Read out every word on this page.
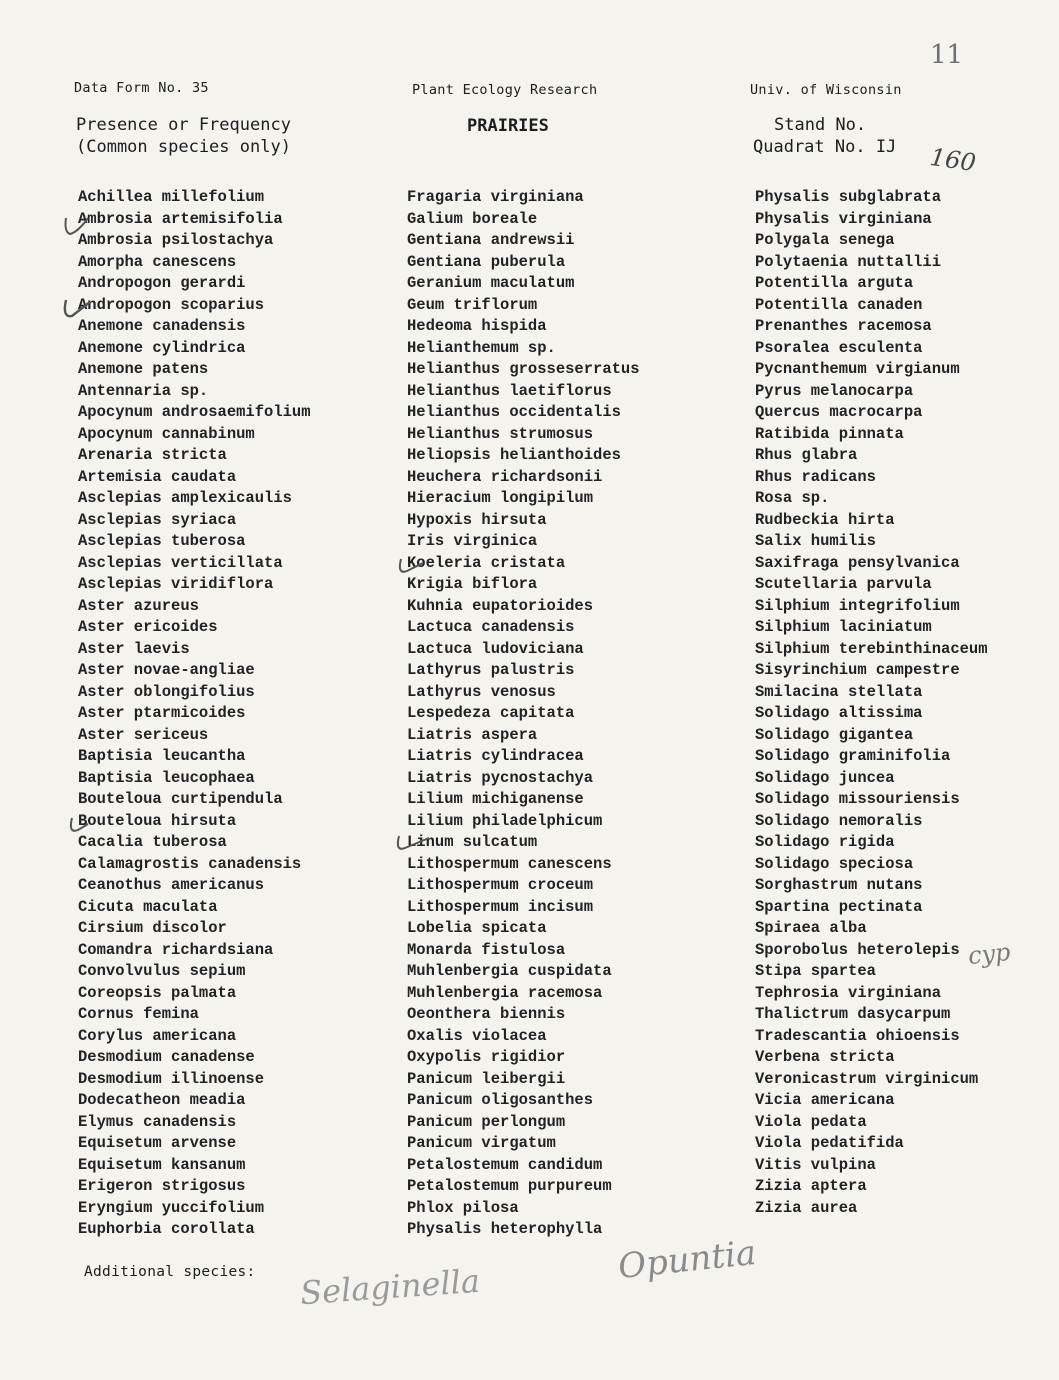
Data Form No. 35	Plant Ecology Research	Univ. of Wisconsin
Presence or Frequency
(Common species only)
PRAIRIES	Stand No.
Quadrat No. IJ
11
160
Achillea millefolium
Ambrosia artemisifolia
Ambrosia psilostachya
Amorpha canescens
Andropogon gerardi
Andropogon scoparius
Anemone canadensis
Anemone cylindrica
Anemone patens
Antennaria sp.
Apocynum androsaemifolium
Apocynum cannabinum
Arenaria stricta
Artemisia caudata
Asclepias amplexicaulis
Asclepias syriaca
Asclepias tuberosa
Asclepias verticillata
Asclepias viridiflora
Aster azureus
Aster ericoides
Aster laevis
Aster novae-angliae
Aster oblongifolius
Aster ptarmicoides
Aster sericeus
Baptisia leucantha
Baptisia leucophaea
Bouteloua curtipendula
Bouteloua hirsuta
Cacalia tuberosa
Calamagrostis canadensis
Ceanothus americanus
Cicuta maculata
Cirsium discolor
Comandra richardsiana
Convolvulus sepium
Coreopsis palmata
Cornus femina
Corylus americana
Desmodium canadense
Desmodium illinoense
Dodecatheon meadia
Elymus canadensis
Equisetum arvense
Equisetum kansanum
Erigeron strigosus
Eryngium yuccifolium
Euphorbia corollata
Fragaria virginiana
Galium boreale
Gentiana andrewsii
Gentiana puberula
Geranium maculatum
Geum triflorum
Hedeoma hispida
Helianthemum sp.
Helianthus grosseserratus
Helianthus laetiflorus
Helianthus occidentalis
Helianthus strumosus
Heliopsis helianthoides
Heuchera richardsonii
Hieracium longipilum
Hypoxis hirsuta
Iris virginica
Koeleria cristata
Krigia biflora
Kuhnia eupatorioides
Lactuca canadensis
Lactuca ludoviciana
Lathyrus palustris
Lathyrus venosus
Lespedeza capitata
Liatris aspera
Liatris cylindracea
Liatris pycnostachya
Lilium michiganense
Lilium philadelphicum
Linum sulcatum
Lithospermum canescens
Lithospermum croceum
Lithospermum incisum
Lobelia spicata
Monarda fistulosa
Muhlenbergia cuspidata
Muhlenbergia racemosa
Oeonthera biennis
Oxalis violacea
Oxypolis rigidior
Panicum leibergii
Panicum oligosanthes
Panicum perlongum
Panicum virgatum
Petalostemum candidum
Petalostemum purpureum
Phlox pilosa
Physalis heterophylla
Physalis subglabrata
Physalis virginiana
Polygala senega
Polytaenia nuttallii
Potentilla arguta
Potentilla canaden
Prenanthes racemosa
Psoralea esculenta
Pycnanthemum virgianum
Pyrus melanocarpa
Quercus macrocarpa
Ratibida pinnata
Rhus glabra
Rhus radicans
Rosa sp.
Rudbeckia hirta
Salix humilis
Saxifraga pensylvanica
Scutellaria parvula
Silphium integrifolium
Silphium laciniatum
Silphium terebinthinaceum
Sisyrinchium campestre
Smilacina stellata
Solidago altissima
Solidago gigantea
Solidago graminifolia
Solidago juncea
Solidago missouriensis
Solidago nemoralis
Solidago rigida
Solidago speciosa
Sorghastrum nutans
Spartina pectinata
Spiraea alba
Sporobolus heterolepis
Stipa spartea
Tephrosia virginiana
Thalictrum dasycarpum
Tradescantia ohioensis
Verbena stricta
Veronicastrum virginicum
Vicia americana
Viola pedata
Viola pedatifida
Vitis vulpina
Zizia aptera
Zizia aurea
cyp
Additional species: Selaginella	Opuntia
